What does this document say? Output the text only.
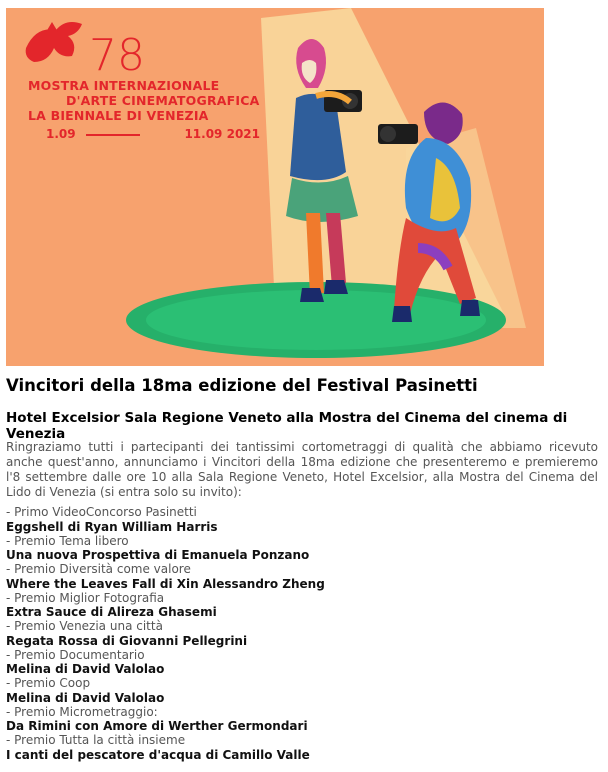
78
MOSTRA INTERNAZIONALE
D'ARTE CINEMATOGRAFICA
LA BIENNALE DI VENEZIA
1.09	11.09 2021
Vincitori della 18ma edizione del Festival Pasinetti
Hotel Excelsior Sala Regione Veneto alla Mostra del Cinema del cinema di Venezia

Ringraziamo tutti i partecipanti dei tantissimi cortometraggi di qualità che abbiamo ricevuto anche quest'anno, annunciamo i Vincitori della 18ma edizione che presenteremo e premieremo l'8 settembre dalle ore 10 alla Sala Regione Veneto, Hotel Excelsior, alla Mostra del Cinema del Lido di Venezia (si entra solo su invito):

- Primo VideoConcorso Pasinetti
Eggshell di Ryan William Harris
- Premio Tema libero
Una nuova Prospettiva di Emanuela Ponzano
- Premio Diversità come valore
Where the Leaves Fall di Xin Alessandro Zheng
- Premio Miglior Fotografia
Extra Sauce di Alireza Ghasemi
- Premio Venezia una città
Regata Rossa di Giovanni Pellegrini
- Premio Documentario
Melina di David Valolao
- Premio Coop
Melina di David Valolao
- Premio Micrometraggio:
Da Rimini con Amore di Werther Germondari
- Premio Tutta la città insieme
I canti del pescatore d'acqua di Camillo Valle
